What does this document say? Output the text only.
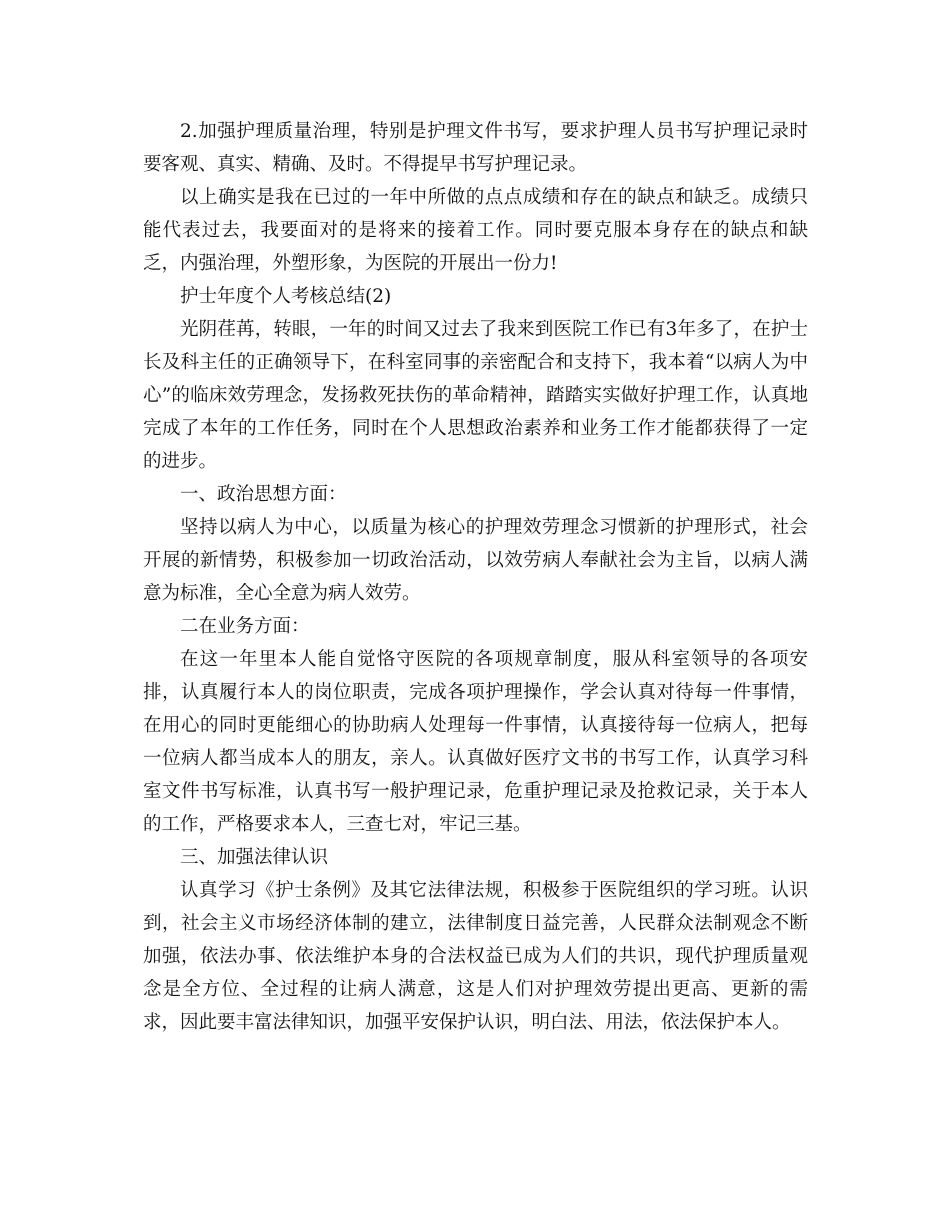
2.加强护理质量治理，特别是护理文件书写，要求护理人员书写护理记录时要客观、真实、精确、及时。不得提早书写护理记录。

以上确实是我在已过的一年中所做的点点成绩和存在的缺点和缺乏。成绩只能代表过去，我要面对的是将来的接着工作。同时要克服本身存在的缺点和缺乏，内强治理，外塑形象，为医院的开展出一份力!

护士年度个人考核总结(2)

光阴荏苒，转眼，一年的时间又过去了我来到医院工作已有3年多了，在护士长及科主任的正确领导下，在科室同事的亲密配合和支持下，我本着“以病人为中心”的临床效劳理念，发扬救死扶伤的革命精神，踏踏实实做好护理工作，认真地完成了本年的工作任务，同时在个人思想政治素养和业务工作才能都获得了一定的进步。

一、政治思想方面：

坚持以病人为中心，以质量为核心的护理效劳理念习惯新的护理形式，社会开展的新情势，积极参加一切政治活动，以效劳病人奉献社会为主旨，以病人满意为标准，全心全意为病人效劳。

二在业务方面：

在这一年里本人能自觉恪守医院的各项规章制度，服从科室领导的各项安排，认真履行本人的岗位职责，完成各项护理操作，学会认真对待每一件事情，在用心的同时更能细心的协助病人处理每一件事情，认真接待每一位病人，把每一位病人都当成本人的朋友，亲人。认真做好医疗文书的书写工作，认真学习科室文件书写标准，认真书写一般护理记录，危重护理记录及抢救记录，关于本人的工作，严格要求本人，三查七对，牢记三基。

三、加强法律认识

认真学习《护士条例》及其它法律法规，积极参于医院组织的学习班。认识到，社会主义市场经济体制的建立，法律制度日益完善，人民群众法制观念不断加强，依法办事、依法维护本身的合法权益已成为人们的共识，现代护理质量观念是全方位、全过程的让病人满意，这是人们对护理效劳提出更高、更新的需求，因此要丰富法律知识，加强平安保护认识，明白法、用法，依法保护本人。
